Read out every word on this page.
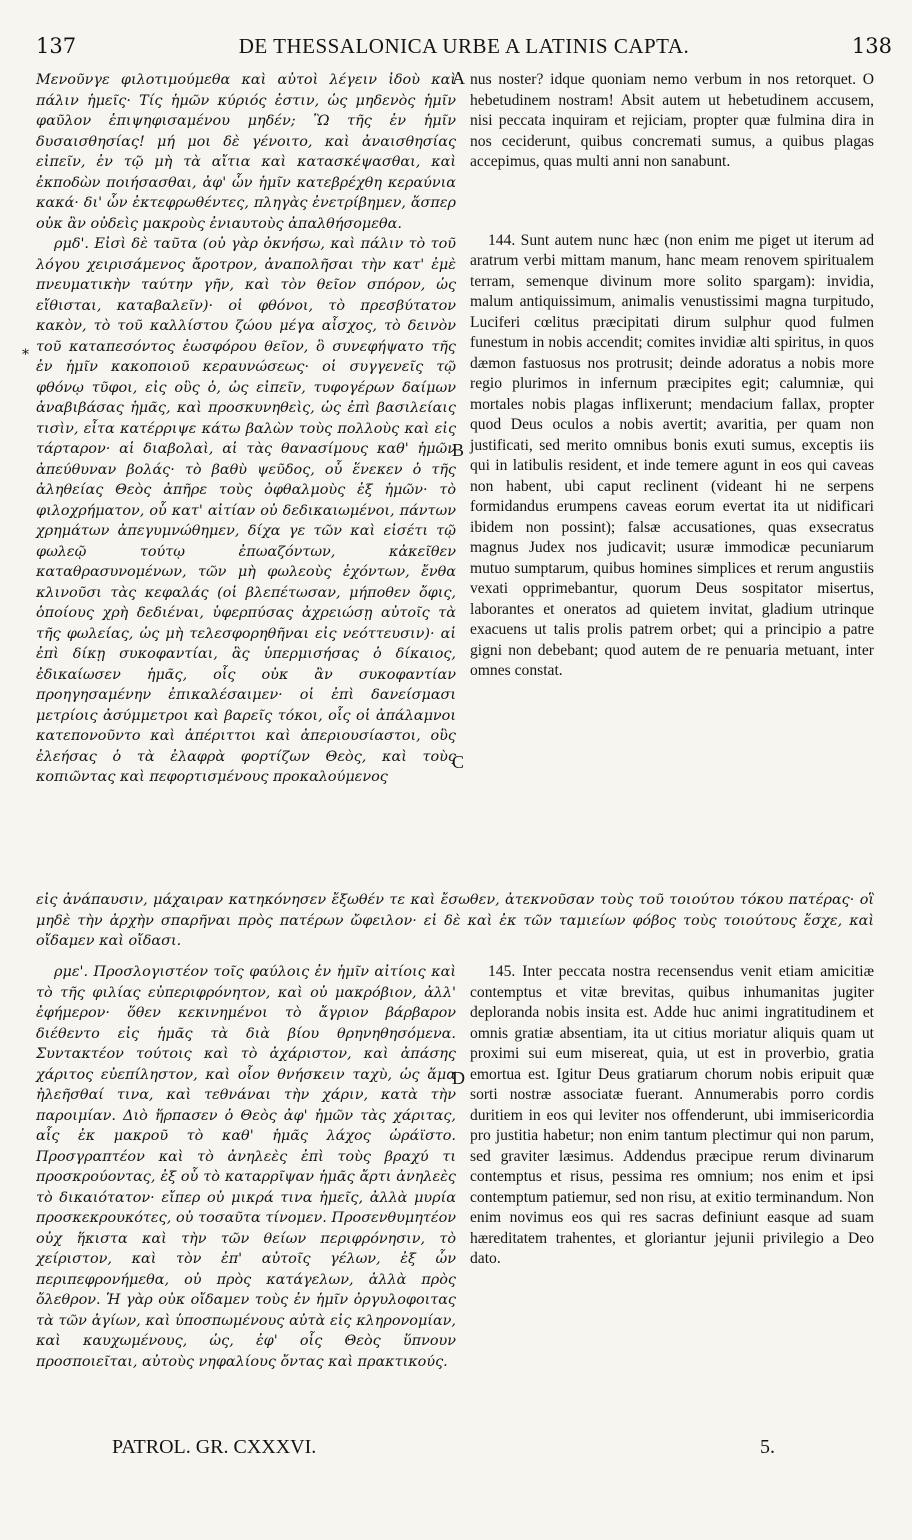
137	DE THESSALONICA URBE A LATINIS CAPTA.	138
*

Μενοῦνγε φιλοτιμούμεθα καὶ αὐτοὶ λέγειν ἰδοὺ καὶ πάλιν ἡμεῖς· Τίς ἡμῶν κύριός ἐστιν, ὡς μηδενὸς ἡμῖν φαῦλον ἐπιψηφισαμένου μηδέν; Ὢ τῆς ἐν ἡμῖν δυσαισθησίας! μή μοι δὲ γένοιτο, καὶ ἀναισθησίας εἰπεῖν, ἐν τῷ μὴ τὰ αἴτια καὶ κατασκέψασθαι, καὶ ἐκποδὼν ποιήσασθαι, ἀφ' ὧν ἡμῖν κατεβρέχθη κεραύνια κακά· δι' ὧν ἐκτεφρωθέντες, πληγὰς ἐνετρίβημεν, ἅσπερ οὐκ ἂν οὐδεὶς μακροὺς ἐνιαυτοὺς ἀπαλθήσομεθα.

ρμδ'. Εἰσὶ δὲ ταῦτα (οὐ γὰρ ὀκνήσω, καὶ πάλιν τὸ τοῦ λόγου χειρισάμενος ἄροτρον, ἀναπολῆσαι τὴν κατ' ἐμὲ πνευματικὴν ταύτην γῆν, καὶ τὸν θεῖον σπόρον, ὡς εἴθισται, καταβαλεῖν)· οἱ φθόνοι, τὸ πρεσβύτατον κακὸν, τὸ τοῦ καλλίστου ζώου μέγα αἶσχος, τὸ δεινὸν τοῦ καταπεσόντος ἑωσφόρου θεῖον, ὃ συνεφήψατο τῆς ἐν ἡμῖν κακοποιοῦ κεραυνώσεως· οἱ συγγενεῖς τῷ φθόνῳ τῦφοι, εἰς οὓς ὁ, ὡς εἰπεῖν, τυφογέρων δαίμων ἀναβιβάσας ἡμᾶς, καὶ προσκυνηθεὶς, ὡς ἐπὶ βασιλείαις τισὶν, εἶτα κατέρριψε κάτω βαλὼν τοὺς πολλοὺς καὶ εἰς τάρταρον· αἱ διαβολαὶ, αἱ τὰς θανασίμους καθ' ἡμῶν ἀπεύθυναν βολάς· τὸ βαθὺ ψεῦδος, οὗ ἕνεκεν ὁ τῆς ἀληθείας Θεὸς ἀπῆρε τοὺς ὀφθαλμοὺς ἐξ ἡμῶν· τὸ φιλοχρήματον, οὗ κατ' αἰτίαν οὐ δεδικαιωμένοι, πάντων χρημάτων ἀπεγυμνώθημεν, δίχα γε τῶν καὶ εἰσέτι τῷ φωλεῷ τούτῳ ἐπωαζόντων, κἀκεῖθεν καταθρασυνομένων, τῶν μὴ φωλεοὺς ἐχόντων, ἔνθα κλινοῦσι τὰς κεφαλάς (οἱ βλεπέτωσαν, μήποθεν ὄφις, ὁποίους χρὴ δεδιέναι, ὑφερπύσας ἀχρειώσῃ αὐτοῖς τὰ τῆς φωλείας, ὡς μὴ τελεσφορηθῆναι εἰς νεόττευσιν)· αἱ ἐπὶ δίκῃ συκοφαντίαι, ἃς ὑπερμισήσας ὁ δίκαιος, ἐδικαίωσεν ἡμᾶς, οἷς οὐκ ἂν συκοφαντίαν προηγησαμένην ἐπικαλέσαιμεν· οἱ ἐπὶ δανείσμασι μετρίοις ἀσύμμετροι καὶ βαρεῖς τόκοι, οἷς οἱ ἀπάλαμνοι κατεπονοῦντο καὶ ἀπέριττοι καὶ ἀπεριουσίαστοι, οὓς ἐλεήσας ὁ τὰ ἐλαφρὰ φορτίζων Θεὸς, καὶ τοὺς κοπιῶντας καὶ πεφορτισμένους προκαλούμενος

nus noster? idque quoniam nemo verbum in nos retorquet. O hebetudinem nostram! Absit autem ut hebetudinem accusem, nisi peccata inquiram et rejiciam, propter quæ fulmina dira in nos ceciderunt, quibus concremati sumus, a quibus plagas accepimus, quas multi anni non sanabunt.

144. Sunt autem nunc hæc (non enim me piget ut iterum ad aratrum verbi mittam manum, hanc meam renovem spiritualem terram, semenque divinum more solito spargam): invidia, malum antiquissimum, animalis venustissimi magna turpitudo, Luciferi cœlitus præcipitati dirum sulphur quod fulmen funestum in nobis accendit; comites invidiæ alti spiritus, in quos dæmon fastuosus nos protrusit; deinde adoratus a nobis more regio plurimos in infernum præcipites egit; calumniæ, qui mortales nobis plagas inflixerunt; mendacium fallax, propter quod Deus oculos a nobis avertit; avaritia, per quam non justificati, sed merito omnibus bonis exuti sumus, exceptis iis qui in latibulis resident, et inde temere agunt in eos qui caveas non habent, ubi caput reclinent (videant hi ne serpens formidandus erumpens caveas eorum evertat ita ut nidificari ibidem non possint); falsæ accusationes, quas exsecratus magnus Judex nos judicavit; usuræ immodicæ pecuniarum mutuo sumptarum, quibus homines simplices et rerum angustiis vexati opprimebantur, quorum Deus sospitator misertus, laborantes et oneratos ad quietem invitat, gladium utrinque exacuens ut talis prolis patrem orbet; qui a principio a patre gigni non debebant; quod autem de re penuaria metuant, inter omnes constat.

A
B
C
D
εἰς ἀνάπαυσιν, μάχαιραν κατηκόνησεν ἔξωθέν τε καὶ ἔσωθεν, ἀτεκνοῦσαν τοὺς τοῦ τοιούτου τόκου πατέρας· οἳ μηδὲ τὴν ἀρχὴν σπαρῆναι πρὸς πατέρων ὤφειλον· εἰ δὲ καὶ ἐκ τῶν ταμιείων φόβος τοὺς τοιούτους ἔσχε, καὶ οἴδαμεν καὶ οἴδασι.

ρμε'. Προσλογιστέον τοῖς φαύλοις ἐν ἡμῖν αἰτίοις καὶ τὸ τῆς φιλίας εὐπεριφρόνητον, καὶ οὐ μακρόβιον, ἀλλ' ἐφήμερον· ὅθεν κεκινημένοι τὸ ἄγριον βάρβαρον διέθεντο εἰς ἡμᾶς τὰ διὰ βίου θρηνηθησόμενα. Συντακτέον τούτοις καὶ τὸ ἀχάριστον, καὶ ἀπάσης χάριτος εὐεπίληστον, καὶ οἷον θνήσκειν ταχὺ, ὡς ἅμα ἠλεῆσθαί τινα, καὶ τεθνάναι τὴν χάριν, κατὰ τὴν παροιμίαν. Διὸ ἥρπασεν ὁ Θεὸς ἀφ' ἡμῶν τὰς χάριτας, αἷς ἐκ μακροῦ τὸ καθ' ἡμᾶς λάχος ὡράϊστο. Προσγραπτέον καὶ τὸ ἀνηλεὲς ἐπὶ τοὺς βραχύ τι προσκρούοντας, ἐξ οὗ τὸ καταρρῖψαν ἡμᾶς ἄρτι ἀνηλεὲς τὸ δικαιότατον· εἴπερ οὐ μικρά τινα ἡμεῖς, ἀλλὰ μυρία προσκεκρουκότες, οὐ τοσαῦτα τίνομεν. Προσενθυμητέον οὐχ ἥκιστα καὶ τὴν τῶν θείων περιφρόνησιν, τὸ χείριστον, καὶ τὸν ἐπ' αὐτοῖς γέλων, ἐξ ὧν περιπεφρονήμεθα, οὐ πρὸς κατάγελων, ἀλλὰ πρὸς ὄλεθρον. Ἡ γὰρ οὐκ οἴδαμεν τοὺς ἐν ἡμῖν ὀργυλοφοιτας τὰ τῶν ἁγίων, καὶ ὑποσπωμένους αὐτὰ εἰς κληρονομίαν, καὶ καυχωμένους, ὡς, ἐφ' οἷς Θεὸς ὕπνουν προσποιεῖται, αὐτοὺς νηφαλίους ὄντας καὶ πρακτικούς.

145. Inter peccata nostra recensendus venit etiam amicitiæ contemptus et vitæ brevitas, quibus inhumanitas jugiter deploranda nobis insita est. Adde huc animi ingratitudinem et omnis gratiæ absentiam, ita ut citius moriatur aliquis quam ut proximi sui eum misereat, quia, ut est in proverbio, gratia emortua est. Igitur Deus gratiarum chorum nobis eripuit quæ sorti nostræ associatæ fuerant. Annumerabis porro cordis duritiem in eos qui leviter nos offenderunt, ubi immisericordia pro justitia habetur; non enim tantum plectimur qui non parum, sed graviter læsimus. Addendus præcipue rerum divinarum contemptus et risus, pessima res omnium; nos enim et ipsi contemptum patiemur, sed non risu, at exitio terminandum. Non enim novimus eos qui res sacras definiunt easque ad suam hæreditatem trahentes, et gloriantur jejunii privilegio a Deo dato.

PATROL. GR. CXXXVI.	5.
